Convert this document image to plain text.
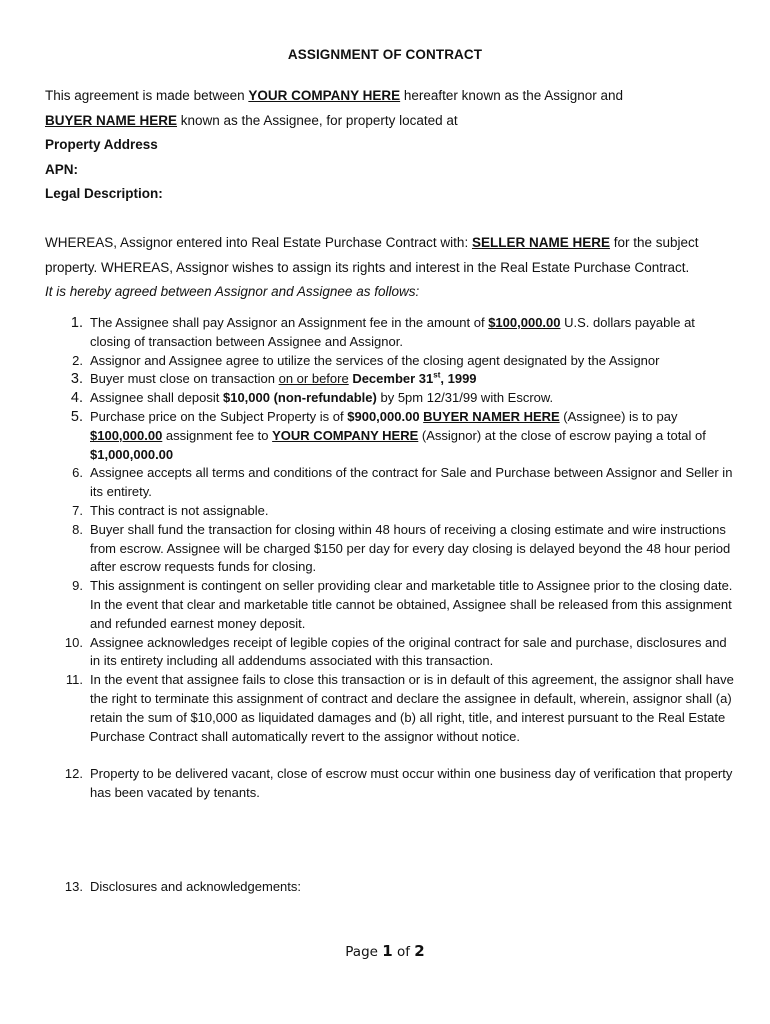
ASSIGNMENT OF CONTRACT
This agreement is made between YOUR COMPANY HERE hereafter known as the Assignor and
BUYER NAME HERE known as the Assignee, for property located at
Property Address
APN:
Legal Description:
WHEREAS, Assignor entered into Real Estate Purchase Contract with: SELLER NAME HERE for the subject
property. WHEREAS, Assignor wishes to assign its rights and interest in the Real Estate Purchase Contract.
It is hereby agreed between Assignor and Assignee as follows:
1. The Assignee shall pay Assignor an Assignment fee in the amount of $100,000.00 U.S. dollars payable at closing of transaction between Assignee and Assignor.
2. Assignor and Assignee agree to utilize the services of the closing agent designated by the Assignor
3. Buyer must close on transaction on or before December 31st, 1999
4. Assignee shall deposit $10,000 (non-refundable) by 5pm 12/31/99 with Escrow.
5. Purchase price on the Subject Property is of $900,000.00 BUYER NAMER HERE (Assignee) is to pay $100,000.00 assignment fee to YOUR COMPANY HERE (Assignor) at the close of escrow paying a total of $1,000,000.00
6. Assignee accepts all terms and conditions of the contract for Sale and Purchase between Assignor and Seller in its entirety.
7. This contract is not assignable.
8. Buyer shall fund the transaction for closing within 48 hours of receiving a closing estimate and wire instructions from escrow. Assignee will be charged $150 per day for every day closing is delayed beyond the 48 hour period after escrow requests funds for closing.
9. This assignment is contingent on seller providing clear and marketable title to Assignee prior to the closing date. In the event that clear and marketable title cannot be obtained, Assignee shall be released from this assignment and refunded earnest money deposit.
10. Assignee acknowledges receipt of legible copies of the original contract for sale and purchase, disclosures and in its entirety including all addendums associated with this transaction.
11. In the event that assignee fails to close this transaction or is in default of this agreement, the assignor shall have the right to terminate this assignment of contract and declare the assignee in default, wherein, assignor shall (a) retain the sum of $10,000 as liquidated damages and (b) all right, title, and interest pursuant to the Real Estate Purchase Contract shall automatically revert to the assignor without notice.
12. Property to be delivered vacant, close of escrow must occur within one business day of verification that property has been vacated by tenants.
13. Disclosures and acknowledgements:
Page 1 of 2
